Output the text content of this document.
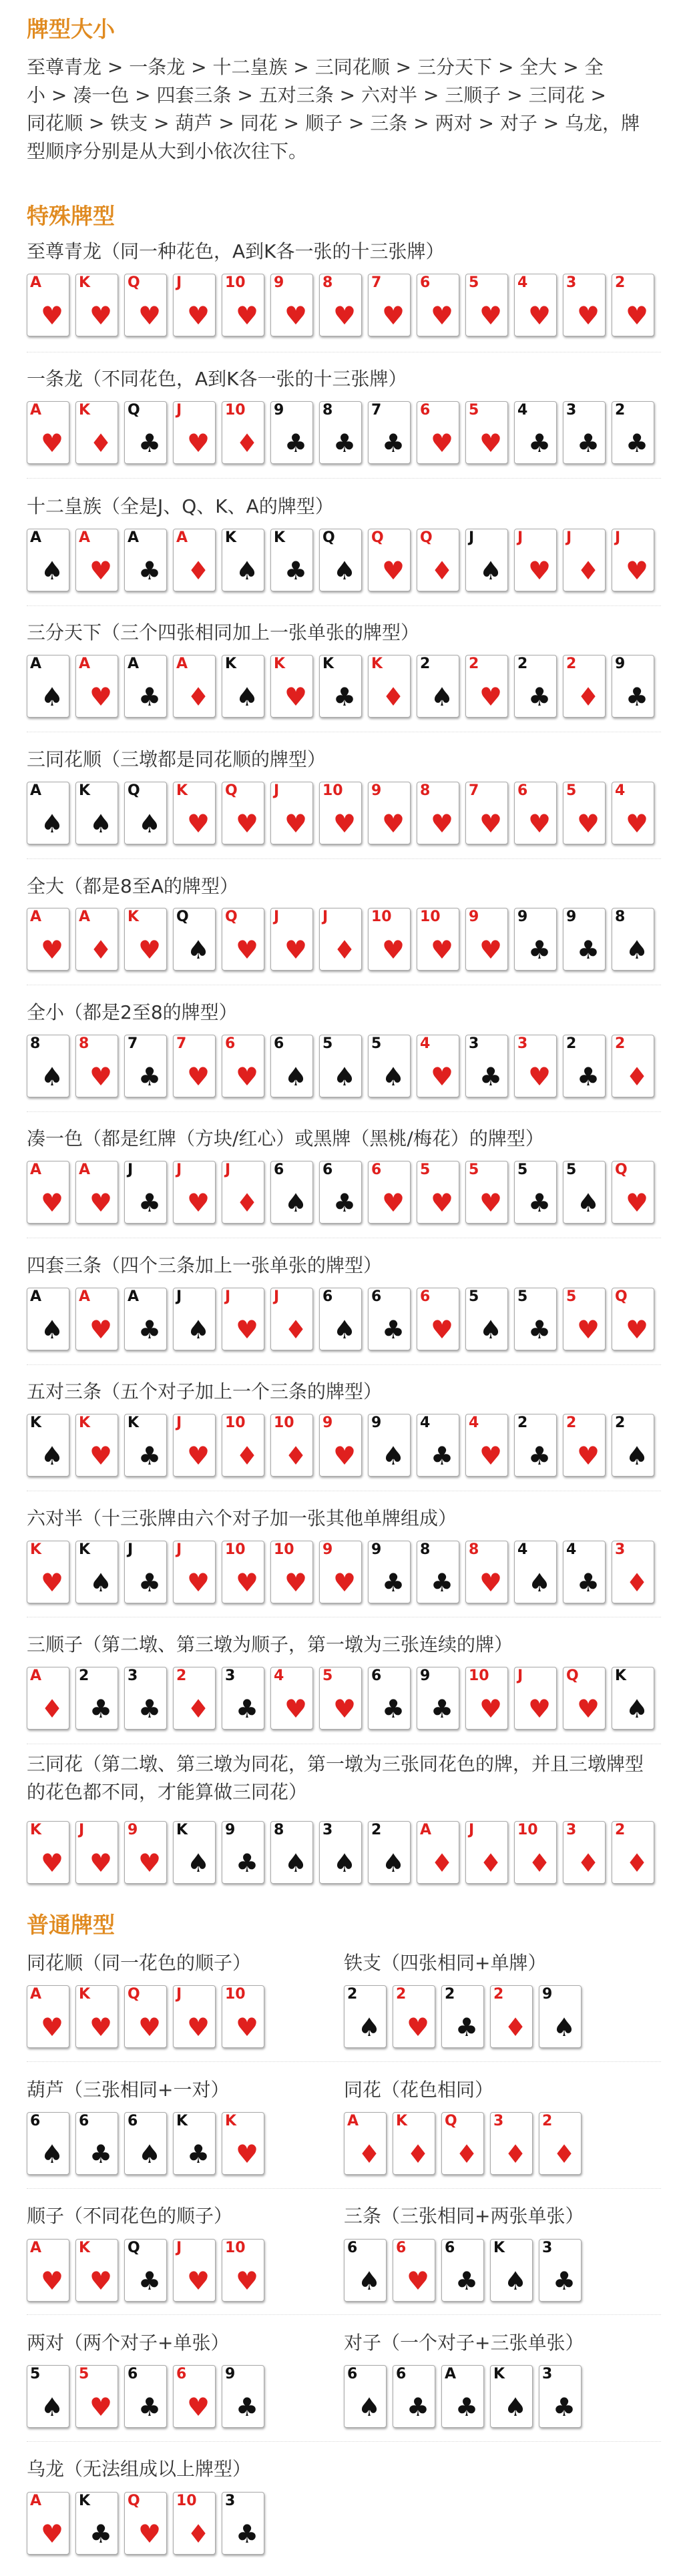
牌型大小
至尊青龙 > 一条龙 > 十二皇族 > 三同花顺 > 三分天下 > 全大 > 全
小 > 凑一色 > 四套三条 > 五对三条 > 六对半 > 三顺子 > 三同花 >
同花顺 > 铁支 > 葫芦 > 同花 > 顺子 > 三条 > 两对 > 对子 > 乌龙，牌
型顺序分别是从大到小依次往下。
特殊牌型
至尊青龙（同一种花色，A到K各一张的十三张牌）
A
♥
K
♥
Q
♥
J
♥
10
♥
9
♥
8
♥
7
♥
6
♥
5
♥
4
♥
3
♥
2
♥
一条龙（不同花色，A到K各一张的十三张牌）
A
♥
K
♦
Q
♣
J
♥
10
♦
9
♣
8
♣
7
♣
6
♥
5
♥
4
♣
3
♣
2
♣
十二皇族（全是J、Q、K、A的牌型）
A
♠
A
♥
A
♣
A
♦
K
♠
K
♣
Q
♠
Q
♥
Q
♦
J
♠
J
♥
J
♦
J
♥
三分天下（三个四张相同加上一张单张的牌型）
A
♠
A
♥
A
♣
A
♦
K
♠
K
♥
K
♣
K
♦
2
♠
2
♥
2
♣
2
♦
9
♣
三同花顺（三墩都是同花顺的牌型）
A
♠
K
♠
Q
♠
K
♥
Q
♥
J
♥
10
♥
9
♥
8
♥
7
♥
6
♥
5
♥
4
♥
全大（都是8至A的牌型）
A
♥
A
♦
K
♥
Q
♠
Q
♥
J
♥
J
♦
10
♥
10
♥
9
♥
9
♣
9
♣
8
♠
全小（都是2至8的牌型）
8
♠
8
♥
7
♣
7
♥
6
♥
6
♠
5
♠
5
♠
4
♥
3
♣
3
♥
2
♣
2
♦
凑一色（都是红牌（方块/红心）或黑牌（黑桃/梅花）的牌型）
A
♥
A
♥
J
♣
J
♥
J
♦
6
♠
6
♣
6
♥
5
♥
5
♥
5
♣
5
♠
Q
♥
四套三条（四个三条加上一张单张的牌型）
A
♠
A
♥
A
♣
J
♠
J
♥
J
♦
6
♠
6
♣
6
♥
5
♠
5
♣
5
♥
Q
♥
五对三条（五个对子加上一个三条的牌型）
K
♠
K
♥
K
♣
J
♥
10
♦
10
♦
9
♥
9
♠
4
♣
4
♥
2
♣
2
♥
2
♠
六对半（十三张牌由六个对子加一张其他单牌组成）
K
♥
K
♠
J
♣
J
♥
10
♥
10
♥
9
♥
9
♣
8
♣
8
♥
4
♠
4
♣
3
♦
三顺子（第二墩、第三墩为顺子，第一墩为三张连续的牌）
A
♦
2
♣
3
♣
2
♦
3
♣
4
♥
5
♥
6
♣
9
♣
10
♥
J
♥
Q
♥
K
♠
三同花（第二墩、第三墩为同花，第一墩为三张同花色的牌，并且三墩牌型的花色都不同，才能算做三同花）
K
♥
J
♥
9
♥
K
♠
9
♣
8
♠
3
♠
2
♠
A
♦
J
♦
10
♦
3
♦
2
♦
普通牌型
同花顺（同一花色的顺子）
A
♥
K
♥
Q
♥
J
♥
10
♥
铁支（四张相同+单牌）
2
♠
2
♥
2
♣
2
♦
9
♠
葫芦（三张相同+一对）
6
♠
6
♣
6
♠
K
♣
K
♥
同花（花色相同）
A
♦
K
♦
Q
♦
3
♦
2
♦
顺子（不同花色的顺子）
A
♥
K
♥
Q
♣
J
♥
10
♥
三条（三张相同+两张单张）
6
♠
6
♥
6
♣
K
♠
3
♣
两对（两个对子+单张）
5
♠
5
♥
6
♣
6
♥
9
♣
对子（一个对子+三张单张）
6
♠
6
♣
A
♣
K
♠
3
♣
乌龙（无法组成以上牌型）
A
♥
K
♣
Q
♥
10
♦
3
♣
